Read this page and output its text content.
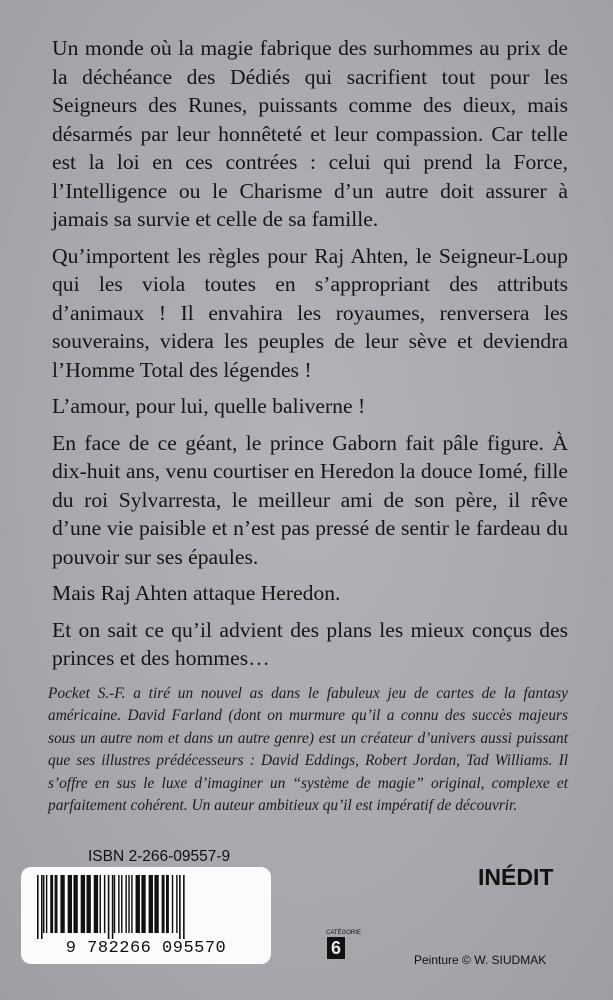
Un monde où la magie fabrique des surhommes au prix de la déchéance des Dédiés qui sacrifient tout pour les Seigneurs des Runes, puissants comme des dieux, mais désarmés par leur honnêteté et leur compassion. Car telle est la loi en ces contrées : celui qui prend la Force, l’Intelligence ou le Charisme d’un autre doit assurer à jamais sa survie et celle de sa famille.

Qu’importent les règles pour Raj Ahten, le Seigneur-Loup qui les viola toutes en s’appropriant des attributs d’animaux ! Il envahira les royaumes, renversera les souverains, videra les peuples de leur sève et deviendra l’Homme Total des légendes !

L’amour, pour lui, quelle baliverne !

En face de ce géant, le prince Gaborn fait pâle figure. À dix-huit ans, venu courtiser en Heredon la douce Iomé, fille du roi Sylvarresta, le meilleur ami de son père, il rêve d’une vie paisible et n’est pas pressé de sentir le fardeau du pouvoir sur ses épaules.

Mais Raj Ahten attaque Heredon.

Et on sait ce qu’il advient des plans les mieux conçus des princes et des hommes…

Pocket S.-F. a tiré un nouvel as dans le fabuleux jeu de cartes de la fantasy américaine. David Farland (dont on murmure qu’il a connu des succès majeurs sous un autre nom et dans un autre genre) est un créateur d’univers aussi puissant que ses illustres prédécesseurs : David Eddings, Robert Jordan, Tad Williams. Il s’offre en sus le luxe d’imaginer un “système de magie” original, complexe et parfaitement cohérent. Un auteur ambitieux qu’il est impératif de découvrir.

ISBN 2-266-09557-9

9 782266 095570

INÉDIT

CATÉGORIE
6

Peinture © W. SIUDMAK
